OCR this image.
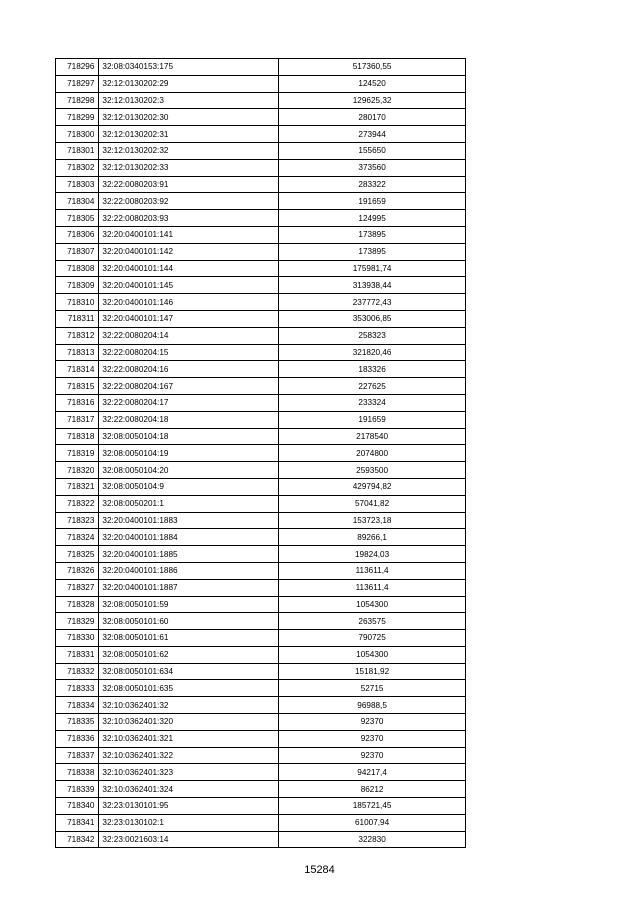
718296	32:08:0340153:175	517360,55
718297	32:12:0130202:29	124520
718298	32:12:0130202:3	129625,32
718299	32:12:0130202:30	280170
718300	32:12:0130202:31	273944
718301	32:12:0130202:32	155650
718302	32:12:0130202:33	373560
718303	32:22:0080203:91	283322
718304	32:22:0080203:92	191659
718305	32:22:0080203:93	124995
718306	32:20:0400101:141	173895
718307	32:20:0400101:142	173895
718308	32:20:0400101:144	175981,74
718309	32:20:0400101:145	313938,44
718310	32:20:0400101:146	237772,43
718311	32:20:0400101:147	353006,85
718312	32:22:0080204:14	258323
718313	32:22:0080204:15	321820,46
718314	32:22:0080204:16	183326
718315	32:22:0080204:167	227625
718316	32:22:0080204:17	233324
718317	32:22:0080204:18	191659
718318	32:08:0050104:18	2178540
718319	32:08:0050104:19	2074800
718320	32:08:0050104:20	2593500
718321	32:08:0050104:9	429794,82
718322	32:08:0050201:1	57041,82
718323	32:20:0400101:1883	153723,18
718324	32:20:0400101:1884	89266,1
718325	32:20:0400101:1885	19824,03
718326	32:20:0400101:1886	113611,4
718327	32:20:0400101:1887	113611,4
718328	32:08:0050101:59	1054300
718329	32:08:0050101:60	263575
718330	32:08:0050101:61	790725
718331	32:08:0050101:62	1054300
718332	32:08:0050101:634	15181,92
718333	32:08:0050101:635	52715
718334	32:10:0362401:32	96988,5
718335	32:10:0362401:320	92370
718336	32:10:0362401:321	92370
718337	32:10:0362401:322	92370
718338	32:10:0362401:323	94217,4
718339	32:10:0362401:324	86212
718340	32:23:0130101:95	185721,45
718341	32:23:0130102:1	61007,94
718342	32:23:0021603:14	322830
15284
